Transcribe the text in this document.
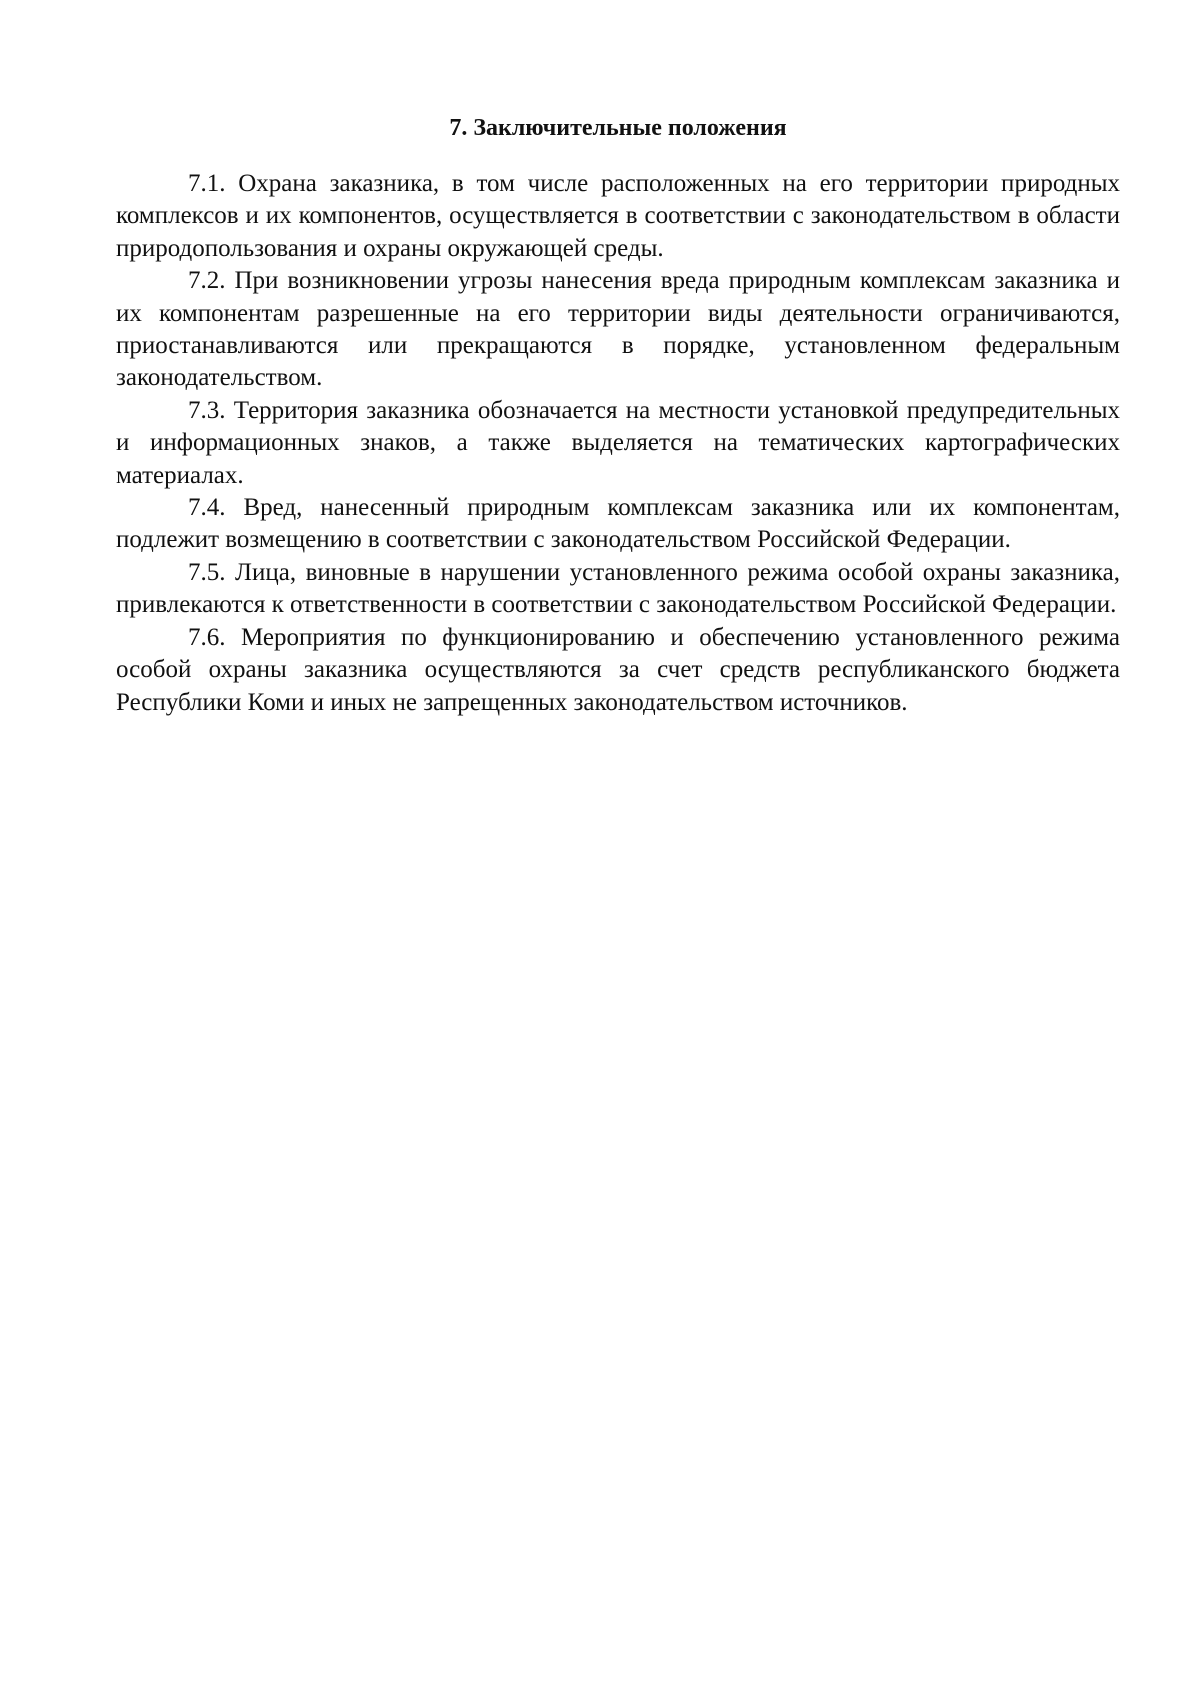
7. Заключительные положения

7.1. Охрана заказника, в том числе расположенных на его территории природных комплексов и их компонентов, осуществляется в соответствии с законодательством в области природопользования и охраны окружающей среды.

7.2. При возникновении угрозы нанесения вреда природным комплексам заказника и их компонентам разрешенные на его территории виды деятельности ограничиваются, приостанавливаются или прекращаются в порядке, установленном федеральным законодательством.

7.3. Территория заказника обозначается на местности установкой предупредительных и информационных знаков, а также выделяется на тематических картографических материалах.

7.4. Вред, нанесенный природным комплексам заказника или их компонентам, подлежит возмещению в соответствии с законодательством Российской Федерации.

7.5. Лица, виновные в нарушении установленного режима особой охраны заказника, привлекаются к ответственности в соответствии с законодательством Российской Федерации.

7.6. Мероприятия по функционированию и обеспечению установленного режима особой охраны заказника осуществляются за счет средств республиканского бюджета Республики Коми и иных не запрещенных законодательством источников.
